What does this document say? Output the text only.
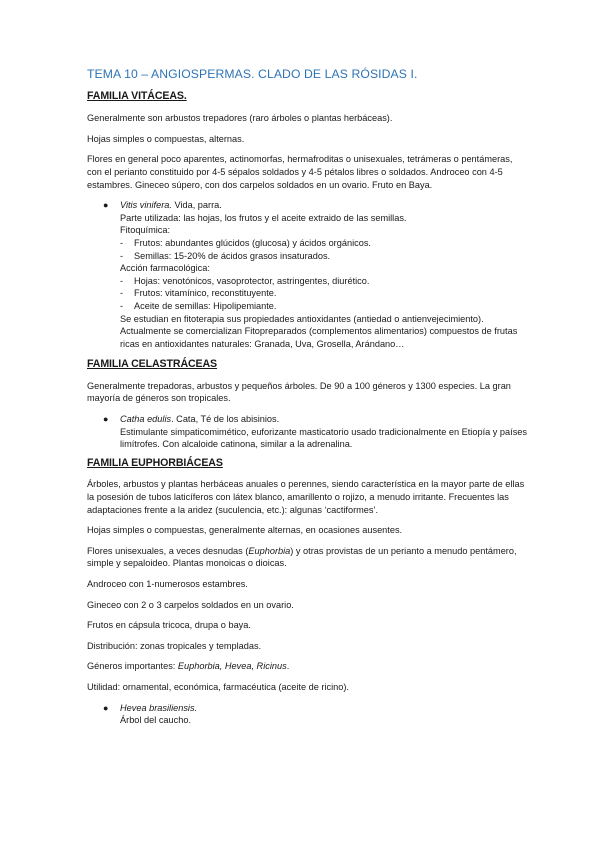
TEMA 10 – ANGIOSPERMAS. CLADO DE LAS RÓSIDAS I.
FAMILIA VITÁCEAS.

Generalmente son arbustos trepadores (raro árboles o plantas herbáceas).

Hojas simples o compuestas, alternas.

Flores en general poco aparentes, actinomorfas, hermafroditas o unisexuales, tetrámeras o pentámeras, con el perianto constituido por 4-5 sépalos soldados y 4-5 pétalos libres o soldados. Androceo con 4-5 estambres. Gineceo súpero, con dos carpelos soldados en un ovario. Fruto en Baya.

● Vitis vinifera. Vida, parra.

Parte utilizada: las hojas, los frutos y el aceite extraido de las semillas.

Fitoquímica:

- Frutos: abundantes glúcidos (glucosa) y ácidos orgánicos.
- Semillas: 15-20% de ácidos grasos insaturados.

Acción farmacológica:

- Hojas: venotónicos, vasoprotector, astringentes, diurético.
- Frutos: vitamínico, reconstituyente.
- Aceite de semillas: Hipolipemiante.

Se estudian en fitoterapia sus propiedades antioxidantes (antiedad o antienvejecimiento).

Actualmente se comercializan Fitopreparados (complementos alimentarios) compuestos de frutas ricas en antioxidantes naturales: Granada, Uva, Grosella, Arándano…

FAMILIA CELASTRÁCEAS

Generalmente trepadoras, arbustos y pequeños árboles. De 90 a 100 géneros y 1300 especies. La gran mayoría de géneros son tropicales.

● Catha edulis. Cata, Té de los abisinios.

Estimulante simpaticomimético, euforizante masticatorio usado tradicionalmente en Etiopía y países limítrofes. Con alcaloide catinona, similar a la adrenalina.

FAMILIA EUPHORBIÁCEAS

Árboles, arbustos y plantas herbáceas anuales o perennes, siendo característica en la mayor parte de ellas la posesión de tubos laticíferos con látex blanco, amarillento o rojizo, a menudo irritante. Frecuentes las adaptaciones frente a la aridez (suculencia, etc.): algunas ‘cactiformes’.

Hojas simples o compuestas, generalmente alternas, en ocasiones ausentes.

Flores unisexuales, a veces desnudas (Euphorbia) y otras provistas de un perianto a menudo pentámero, simple y sepaloideo. Plantas monoicas o dioicas.

Androceo con 1-numerosos estambres.

Gineceo con 2 o 3 carpelos soldados en un ovario.

Frutos en cápsula tricoca, drupa o baya.

Distribución: zonas tropicales y templadas.

Géneros importantes: Euphorbia, Hevea, Ricinus.

Utilidad: ornamental, económica, farmacéutica (aceite de ricino).

● Hevea brasiliensis.

Árbol del caucho.
